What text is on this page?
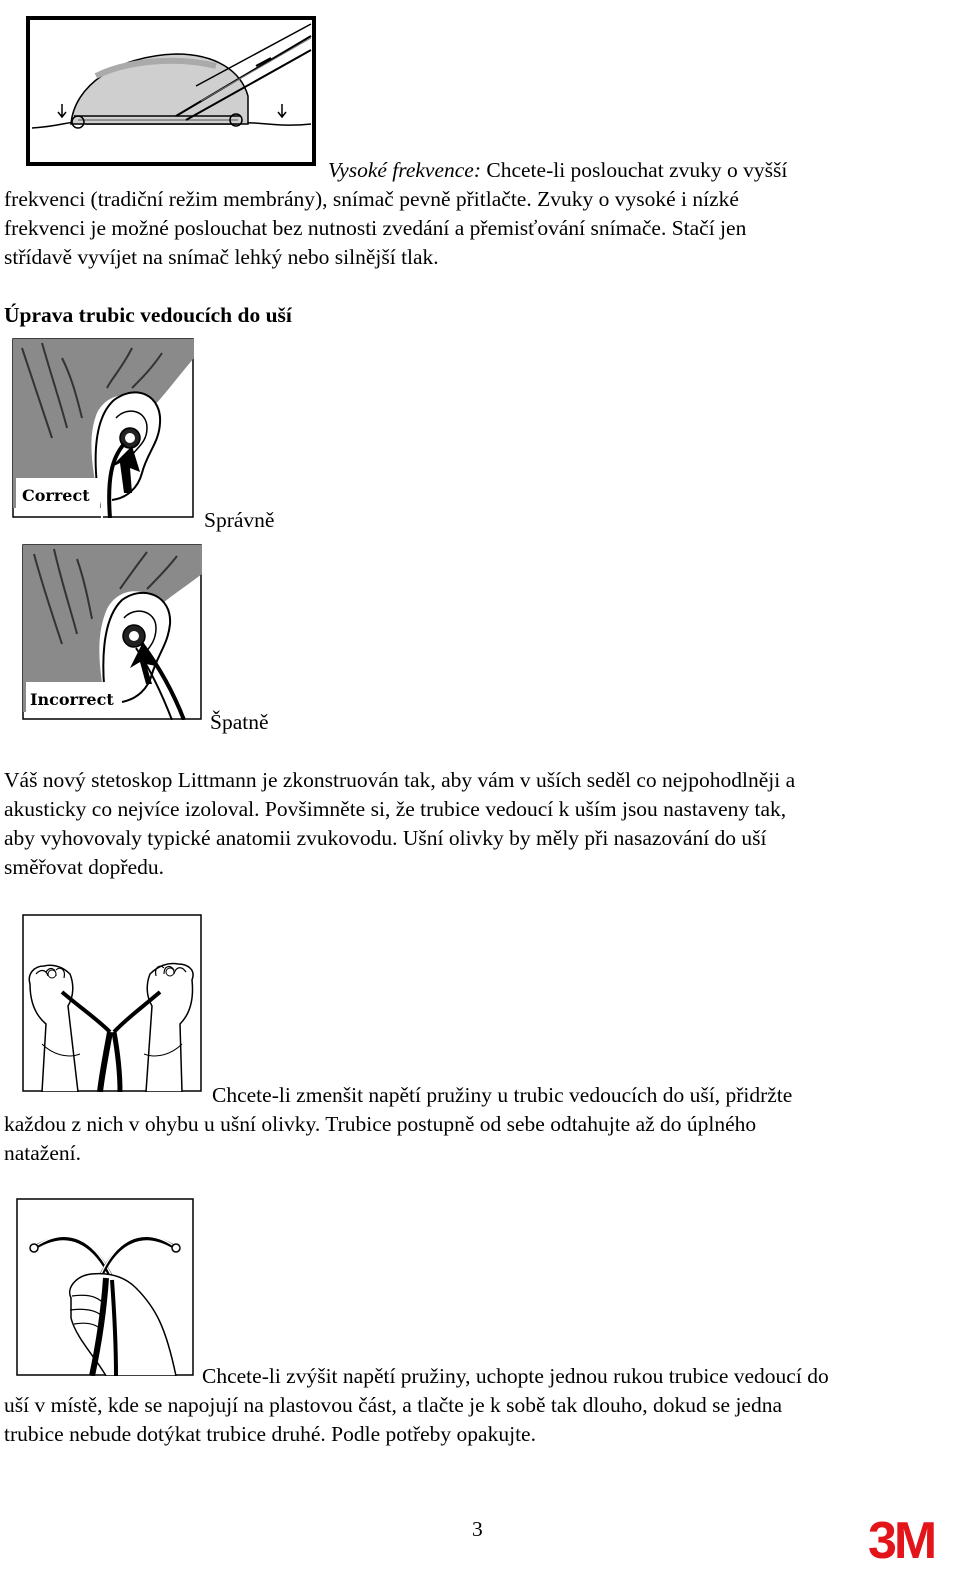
Vysoké frekvence: Chcete-li poslouchat zvuky o vyšší
frekvenci (tradiční režim membrány), snímač pevně přitlačte. Zvuky o vysoké i nízké
frekvenci je možné poslouchat bez nutnosti zvedání a přemisťování snímače. Stačí jen
střídavě vyvíjet na snímač lehký nebo silnější tlak.
Úprava trubic vedoucích do uší
Correct
Správně
Incorrect
Špatně
Váš nový stetoskop Littmann je zkonstruován tak, aby vám v uších seděl co nejpohodlněji a
akusticky co nejvíce izoloval. Povšimněte si, že trubice vedoucí k uším jsou nastaveny tak,
aby vyhovovaly typické anatomii zvukovodu. Ušní olivky by měly při nasazování do uší
směřovat dopředu.
Chcete-li zmenšit napětí pružiny u trubic vedoucích do uší, přidržte
každou z nich v ohybu u ušní olivky. Trubice postupně od sebe odtahujte až do úplného
natažení.
Chcete-li zvýšit napětí pružiny, uchopte jednou rukou trubice vedoucí do
uší v místě, kde se napojují na plastovou část, a tlačte je k sobě tak dlouho, dokud se jedna
trubice nebude dotýkat trubice druhé. Podle potřeby opakujte.
3	3M
